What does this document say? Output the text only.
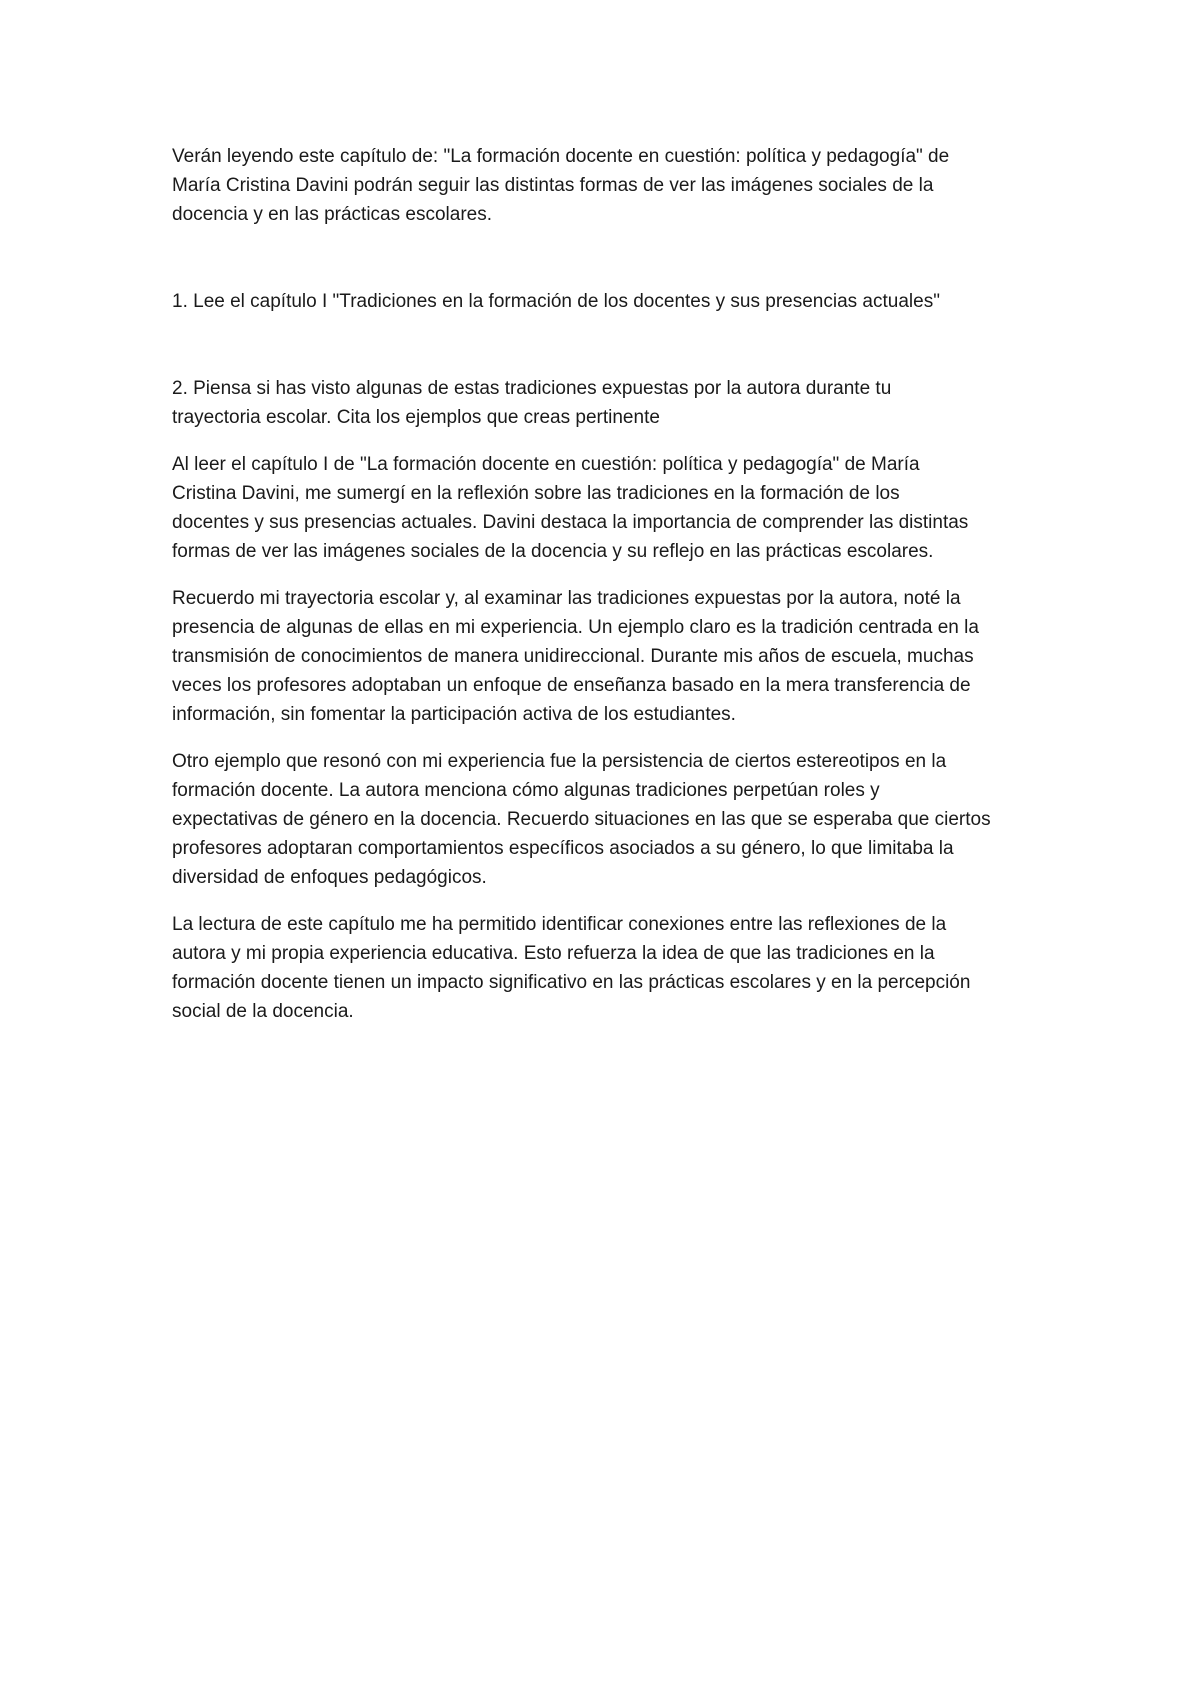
Verán leyendo este capítulo de: "La formación docente en cuestión: política y pedagogía" de
María Cristina Davini podrán seguir las distintas formas de ver las imágenes sociales de la
docencia y en las prácticas escolares.

1. Lee el capítulo I "Tradiciones en la formación de los docentes y sus presencias actuales"

2. Piensa si has visto algunas de estas tradiciones expuestas por la autora durante tu
trayectoria escolar. Cita los ejemplos que creas pertinente

Al leer el capítulo I de "La formación docente en cuestión: política y pedagogía" de María
Cristina Davini, me sumergí en la reflexión sobre las tradiciones en la formación de los
docentes y sus presencias actuales. Davini destaca la importancia de comprender las distintas
formas de ver las imágenes sociales de la docencia y su reflejo en las prácticas escolares.

Recuerdo mi trayectoria escolar y, al examinar las tradiciones expuestas por la autora, noté la
presencia de algunas de ellas en mi experiencia. Un ejemplo claro es la tradición centrada en la
transmisión de conocimientos de manera unidireccional. Durante mis años de escuela, muchas
veces los profesores adoptaban un enfoque de enseñanza basado en la mera transferencia de
información, sin fomentar la participación activa de los estudiantes.

Otro ejemplo que resonó con mi experiencia fue la persistencia de ciertos estereotipos en la
formación docente. La autora menciona cómo algunas tradiciones perpetúan roles y
expectativas de género en la docencia. Recuerdo situaciones en las que se esperaba que ciertos
profesores adoptaran comportamientos específicos asociados a su género, lo que limitaba la
diversidad de enfoques pedagógicos.

La lectura de este capítulo me ha permitido identificar conexiones entre las reflexiones de la
autora y mi propia experiencia educativa. Esto refuerza la idea de que las tradiciones en la
formación docente tienen un impacto significativo en las prácticas escolares y en la percepción
social de la docencia.
